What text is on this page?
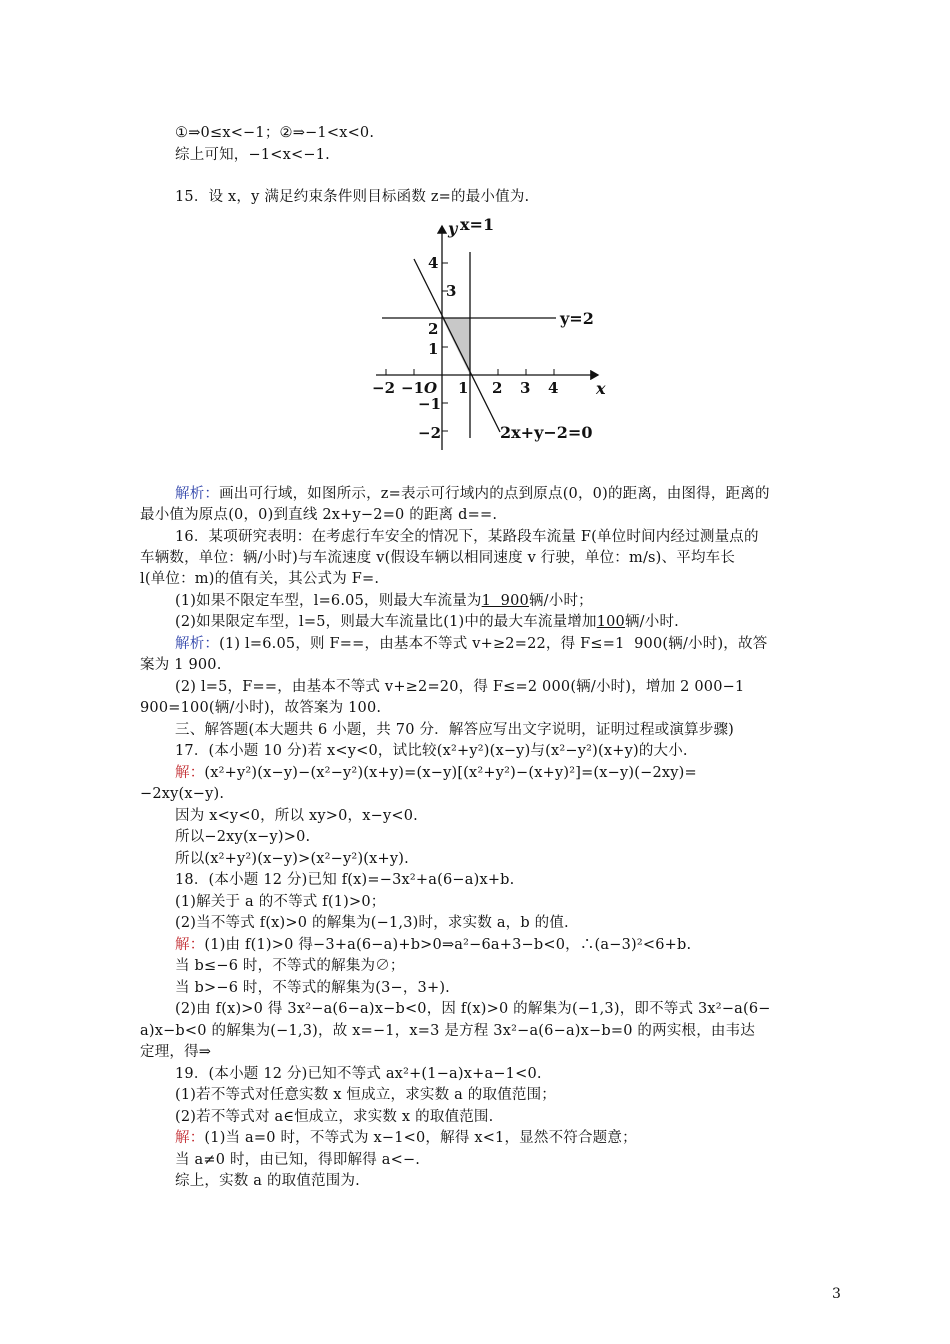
①⇒0≤x<−1；②⇒−1<x<0.
综上可知，−1<x<−1.
15．设 x，y 满足约束条件则目标函数 z=的最小值为.
y
x
O
−2 −1 1 2 3 4
4
3
2
1
−1
−2
x=1
y=2
2x+y−2=0
解析：画出可行域，如图所示，z=表示可行域内的点到原点(0，0)的距离，由图得，距离的
最小值为原点(0，0)到直线 2x+y−2=0 的距离 d==.
16．某项研究表明：在考虑行车安全的情况下，某路段车流量 F(单位时间内经过测量点的
车辆数，单位：辆/小时)与车流速度 v(假设车辆以相同速度 v 行驶，单位：m/s)、平均车长
l(单位：m)的值有关，其公式为 F=.
(1)如果不限定车型，l=6.05，则最大车流量为1  900辆/小时；
(2)如果限定车型，l=5，则最大车流量比(1)中的最大车流量增加100辆/小时.
解析：(1) l=6.05，则 F==，由基本不等式 v+≥2=22，得 F≤=1  900(辆/小时)，故答
案为 1 900.
(2) l=5，F==，由基本不等式 v+≥2=20，得 F≤=2 000(辆/小时)，增加 2 000−1
900=100(辆/小时)，故答案为 100.
三、解答题(本大题共 6 小题，共 70 分．解答应写出文字说明，证明过程或演算步骤)
17．(本小题 10 分)若 x<y<0，试比较(x²+y²)(x−y)与(x²−y²)(x+y)的大小.
解：(x²+y²)(x−y)−(x²−y²)(x+y)=(x−y)[(x²+y²)−(x+y)²]=(x−y)(−2xy)=
−2xy(x−y).
因为 x<y<0，所以 xy>0，x−y<0.
所以−2xy(x−y)>0.
所以(x²+y²)(x−y)>(x²−y²)(x+y).
18．(本小题 12 分)已知 f(x)=−3x²+a(6−a)x+b.
(1)解关于 a 的不等式 f(1)>0；
(2)当不等式 f(x)>0 的解集为(−1,3)时，求实数 a，b 的值.
解：(1)由 f(1)>0 得−3+a(6−a)+b>0⇒a²−6a+3−b<0，∴(a−3)²<6+b.
当 b≤−6 时，不等式的解集为∅；
当 b>−6 时，不等式的解集为(3−，3+).
(2)由 f(x)>0 得 3x²−a(6−a)x−b<0，因 f(x)>0 的解集为(−1,3)，即不等式 3x²−a(6−
a)x−b<0 的解集为(−1,3)，故 x=−1，x=3 是方程 3x²−a(6−a)x−b=0 的两实根，由韦达
定理，得⇒
19．(本小题 12 分)已知不等式 ax²+(1−a)x+a−1<0.
(1)若不等式对任意实数 x 恒成立，求实数 a 的取值范围；
(2)若不等式对 a∈恒成立，求实数 x 的取值范围.
解：(1)当 a=0 时，不等式为 x−1<0，解得 x<1，显然不符合题意；
当 a≠0 时，由已知，得即解得 a<−.
综上，实数 a 的取值范围为.
3
